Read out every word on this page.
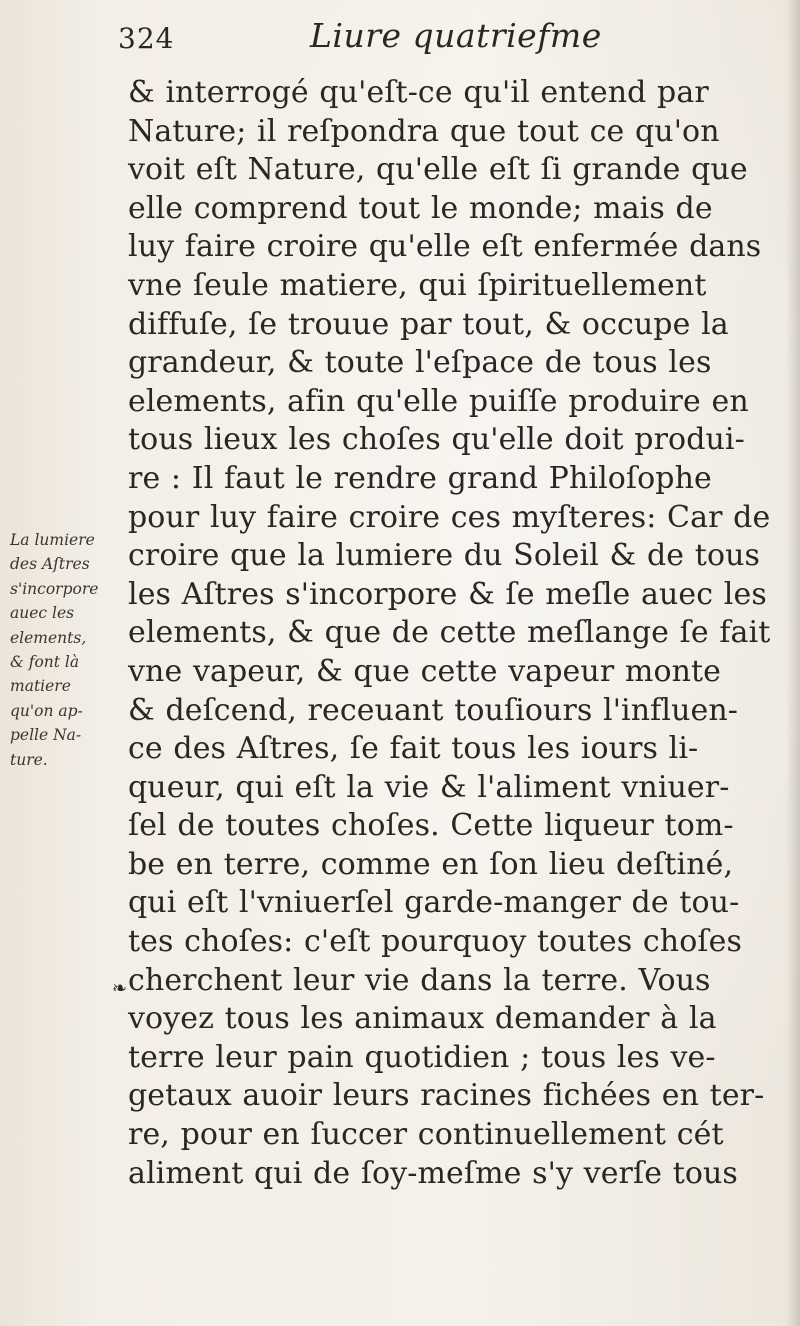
324	Liure quatriefme
La lumiere
des Aſtres
s'incorpore
auec les
elements,
& font là
matiere
qu'on ap-
pelle Na-
ture.
❧
& interrogé qu'eſt-ce qu'il entend par
Nature; il reſpondra que tout ce qu'on
voit eſt Nature, qu'elle eſt ſi grande que
elle comprend tout le monde; mais de
luy faire croire qu'elle eſt enfermée dans
vne ſeule matiere, qui ſpirituellement
diffuſe, ſe trouue par tout, & occupe la
grandeur, & toute l'eſpace de tous les
elements, afin qu'elle puiſſe produire en
tous lieux les choſes qu'elle doit produi-
re : Il faut le rendre grand Philoſophe
pour luy faire croire ces myſteres: Car de
croire que la lumiere du Soleil & de tous
les Aſtres s'incorpore & ſe meſle auec les
elements, & que de cette meſlange ſe fait
vne vapeur, & que cette vapeur monte
& deſcend, receuant touſiours l'influen-
ce des Aſtres, ſe fait tous les iours li-
queur, qui eſt la vie & l'aliment vniuer-
ſel de toutes choſes. Cette liqueur tom-
be en terre, comme en ſon lieu deſtiné,
qui eſt l'vniuerſel garde-manger de tou-
tes choſes: c'eſt pourquoy toutes choſes
cherchent leur vie dans la terre. Vous
voyez tous les animaux demander à la
terre leur pain quotidien ; tous les ve-
getaux auoir leurs racines fichées en ter-
re, pour en ſuccer continuellement cét
aliment qui de ſoy-meſme s'y verſe tous
